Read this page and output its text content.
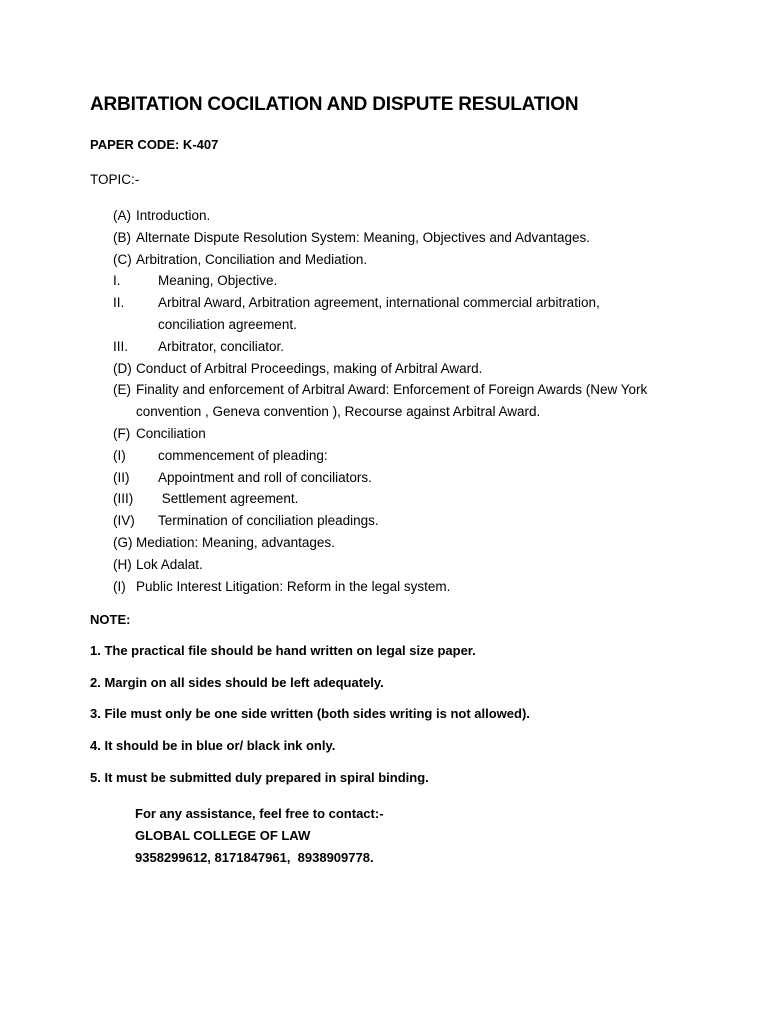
ARBITATION COCILATION AND DISPUTE RESULATION
PAPER CODE: K-407
TOPIC:-
(A) Introduction.
(B) Alternate Dispute Resolution System: Meaning, Objectives and Advantages.
(C) Arbitration, Conciliation and Mediation.
I.	Meaning, Objective.
II.	Arbitral Award, Arbitration agreement, international commercial arbitration, conciliation agreement.
III.	Arbitrator, conciliator.
(D) Conduct of Arbitral Proceedings, making of Arbitral Award.
(E) Finality and enforcement of Arbitral Award: Enforcement of Foreign Awards (New York convention , Geneva convention ), Recourse against Arbitral Award.
(F) Conciliation
(I)	commencement of pleading:
(II)	Appointment and roll of conciliators.
(III)	Settlement agreement.
(IV)	Termination of conciliation pleadings.
(G) Mediation: Meaning, advantages.
(H) Lok Adalat.
(I) Public Interest Litigation: Reform in the legal system.
NOTE:
1. The practical file should be hand written on legal size paper.
2. Margin on all sides should be left adequately.
3. File must only be one side written (both sides writing is not allowed).
4. It should be in blue or/ black ink only.
5. It must be submitted duly prepared in spiral binding.
For any assistance, feel free to contact:-
GLOBAL COLLEGE OF LAW
9358299612, 8171847961,  8938909778.
